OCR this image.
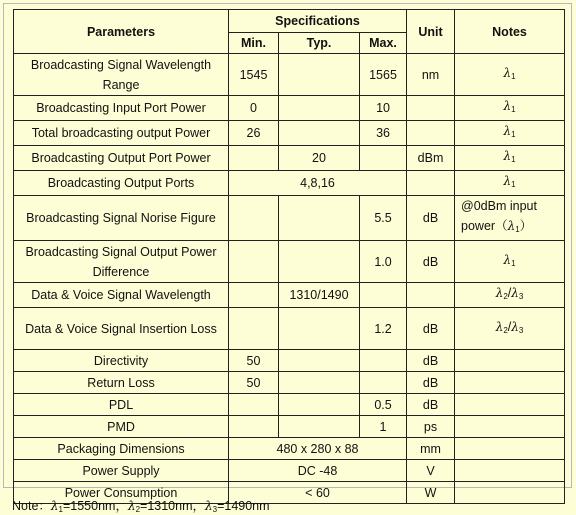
Parameters	Specifications			Unit	Notes
	Min.	Typ.	Max.		
Broadcasting Signal Wavelength Range	1545		1565	nm	$\lambda_1$
Broadcasting Input Port Power	0		10		$\lambda_1$
Total broadcasting output Power	26		36		$\lambda_1$
Broadcasting Output Port Power		20		dBm	$\lambda_1$
Broadcasting Output Ports	4,8,16				$\lambda_1$
Broadcasting Signal Norise Figure			5.5	dB	@0dBm input $power(\lambda_1)$
Broadcasting Signal Output Power Difference			1.0	dB	$\lambda_1$
Data & Voice Signal Wavelength		1310/1490			$\lambda_2/\lambda_3$
Data & Voice Signal Insertion Loss			1.2	dB	$\lambda_2/\lambda_3$
Directivity	50			dB	
Return Loss	50			dB	
PDL			0.5	dB	
PMD			1	ps	
Packaging Dimensions	480 x 280 x 88			mm	
Power Supply	DC -48			V	
Power Consumption	< 60			W	
Note：$\lambda_1=1550nm$，$\lambda_2=1310nm$，$\lambda_3=1490nm$
